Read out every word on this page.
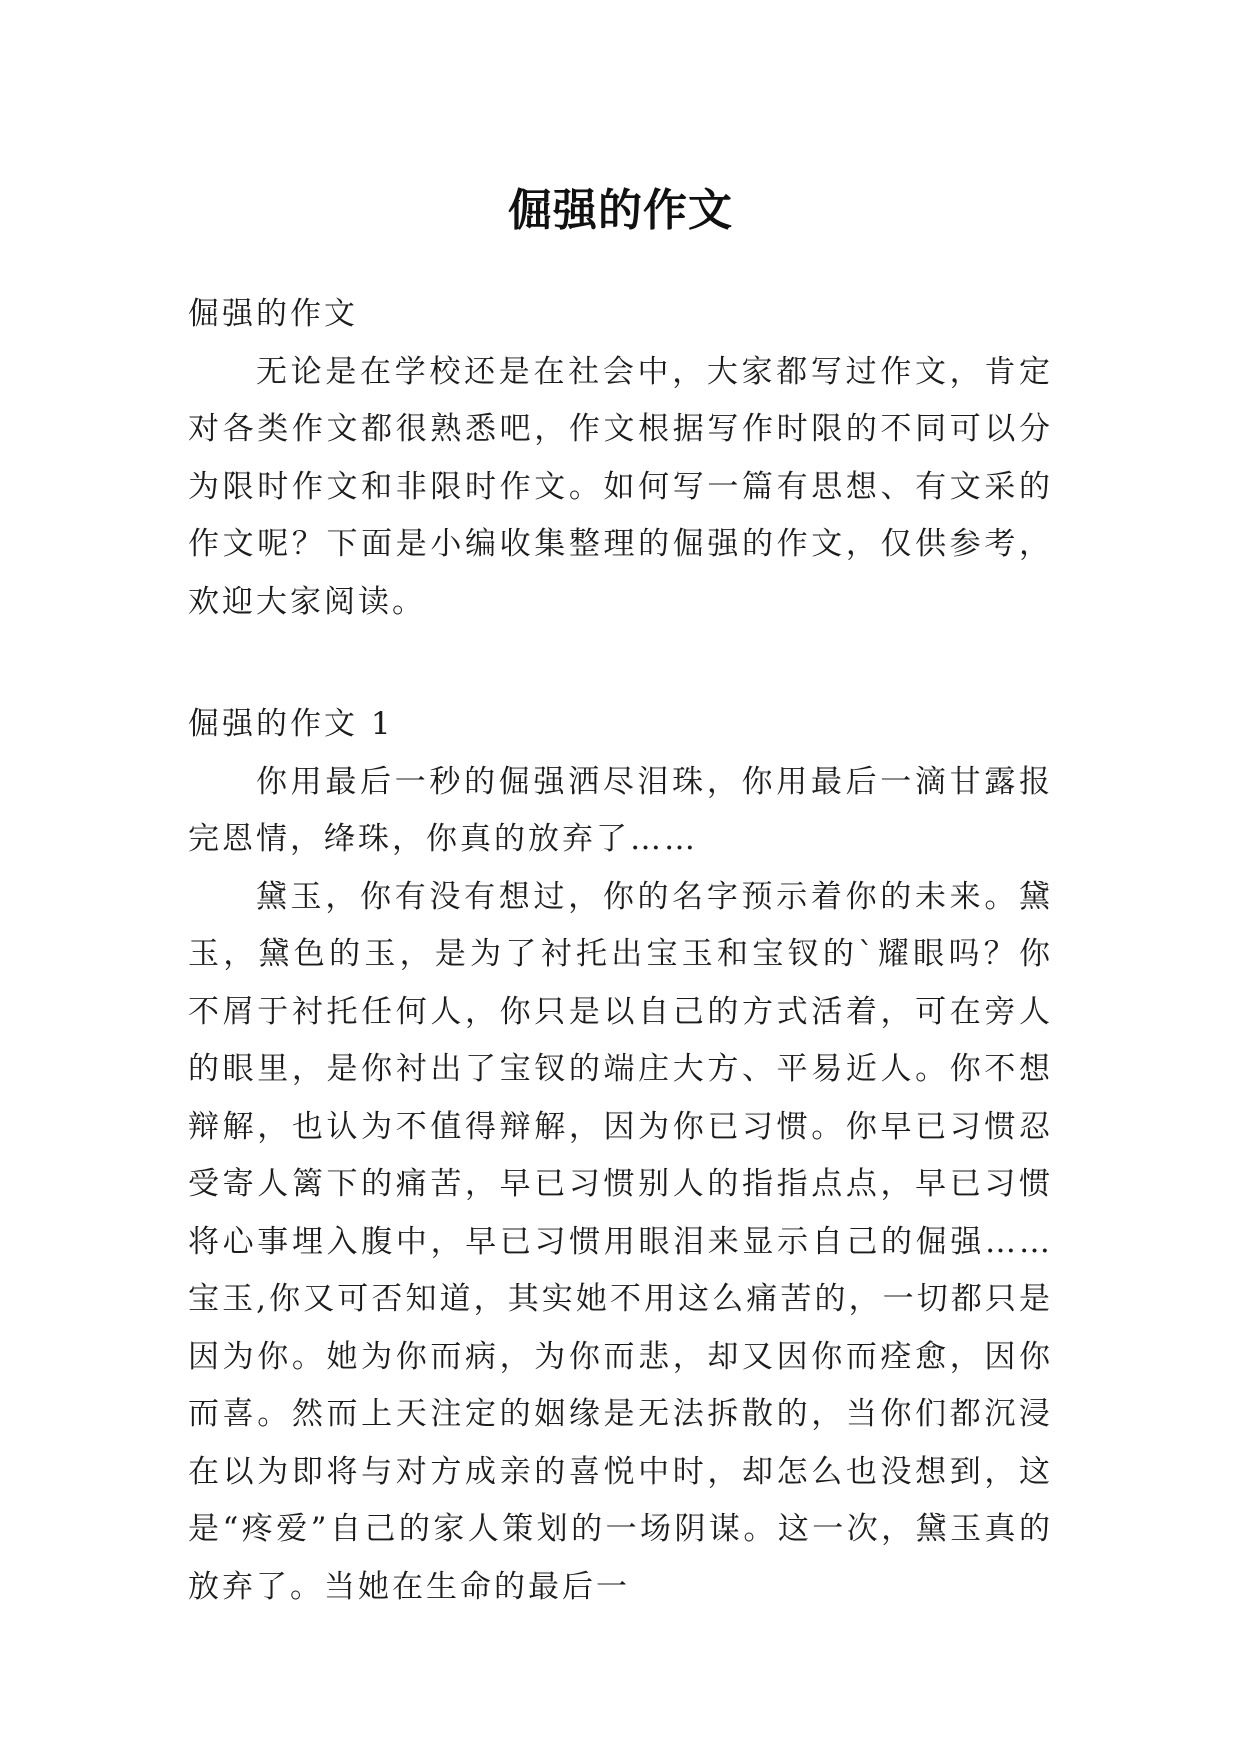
倔强的作文

倔强的作文

无论是在学校还是在社会中，大家都写过作文，肯定对各类作文都很熟悉吧，作文根据写作时限的不同可以分为限时作文和非限时作文。如何写一篇有思想、有文采的作文呢？下面是小编收集整理的倔强的作文，仅供参考，欢迎大家阅读。

倔强的作文 1

你用最后一秒的倔强洒尽泪珠，你用最后一滴甘露报完恩情，绛珠，你真的放弃了……

黛玉，你有没有想过，你的名字预示着你的未来。黛玉，黛色的玉，是为了衬托出宝玉和宝钗的`耀眼吗？你不屑于衬托任何人，你只是以自己的方式活着，可在旁人的眼里，是你衬出了宝钗的端庄大方、平易近人。你不想辩解，也认为不值得辩解，因为你已习惯。你早已习惯忍受寄人篱下的痛苦，早已习惯别人的指指点点，早已习惯将心事埋入腹中，早已习惯用眼泪来显示自己的倔强……宝玉,你又可否知道，其实她不用这么痛苦的，一切都只是因为你。她为你而病，为你而悲，却又因你而痊愈，因你而喜。然而上天注定的姻缘是无法拆散的，当你们都沉浸在以为即将与对方成亲的喜悦中时，却怎么也没想到，这是“疼爱”自己的家人策划的一场阴谋。这一次，黛玉真的放弃了。当她在生命的最后一
